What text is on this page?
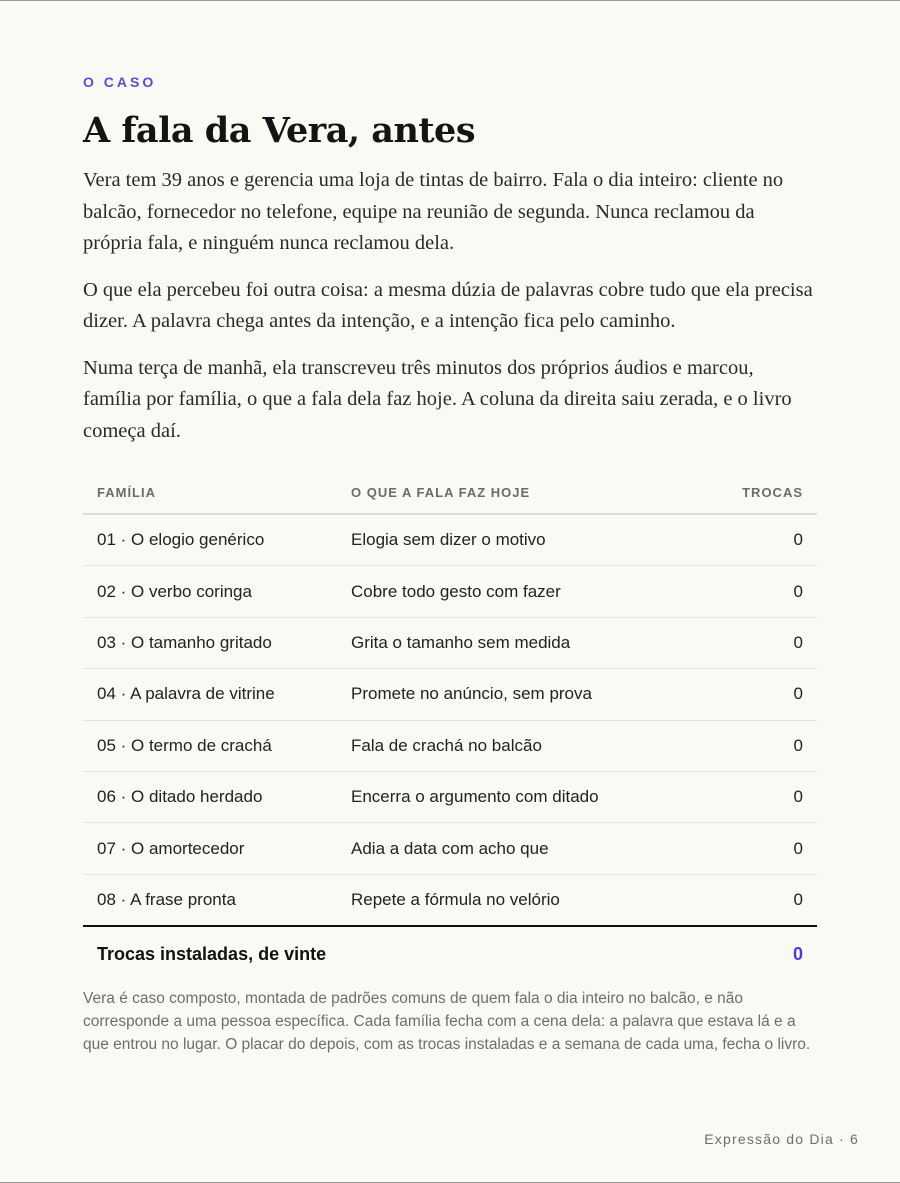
O CASO
A fala da Vera, antes

Vera tem 39 anos e gerencia uma loja de tintas de bairro. Fala o dia inteiro: cliente no balcão, fornecedor no telefone, equipe na reunião de segunda. Nunca reclamou da própria fala, e ninguém nunca reclamou dela.

O que ela percebeu foi outra coisa: a mesma dúzia de palavras cobre tudo que ela precisa dizer. A palavra chega antes da intenção, e a intenção fica pelo caminho.

Numa terça de manhã, ela transcreveu três minutos dos próprios áudios e marcou, família por família, o que a fala dela faz hoje. A coluna da direita saiu zerada, e o livro começa daí.

FAMÍLIA	O QUE A FALA FAZ HOJE	TROCAS
01 · O elogio genérico	Elogia sem dizer o motivo	0
02 · O verbo coringa	Cobre todo gesto com fazer	0
03 · O tamanho gritado	Grita o tamanho sem medida	0
04 · A palavra de vitrine	Promete no anúncio, sem prova	0
05 · O termo de crachá	Fala de crachá no balcão	0
06 · O ditado herdado	Encerra o argumento com ditado	0
07 · O amortecedor	Adia a data com acho que	0
08 · A frase pronta	Repete a fórmula no velório	0
Trocas instaladas, de vinte	0

Vera é caso composto, montada de padrões comuns de quem fala o dia inteiro no balcão, e não corresponde a uma pessoa específica. Cada família fecha com a cena dela: a palavra que estava lá e a que entrou no lugar. O placar do depois, com as trocas instaladas e a semana de cada uma, fecha o livro.

Expressão do Dia · 6
